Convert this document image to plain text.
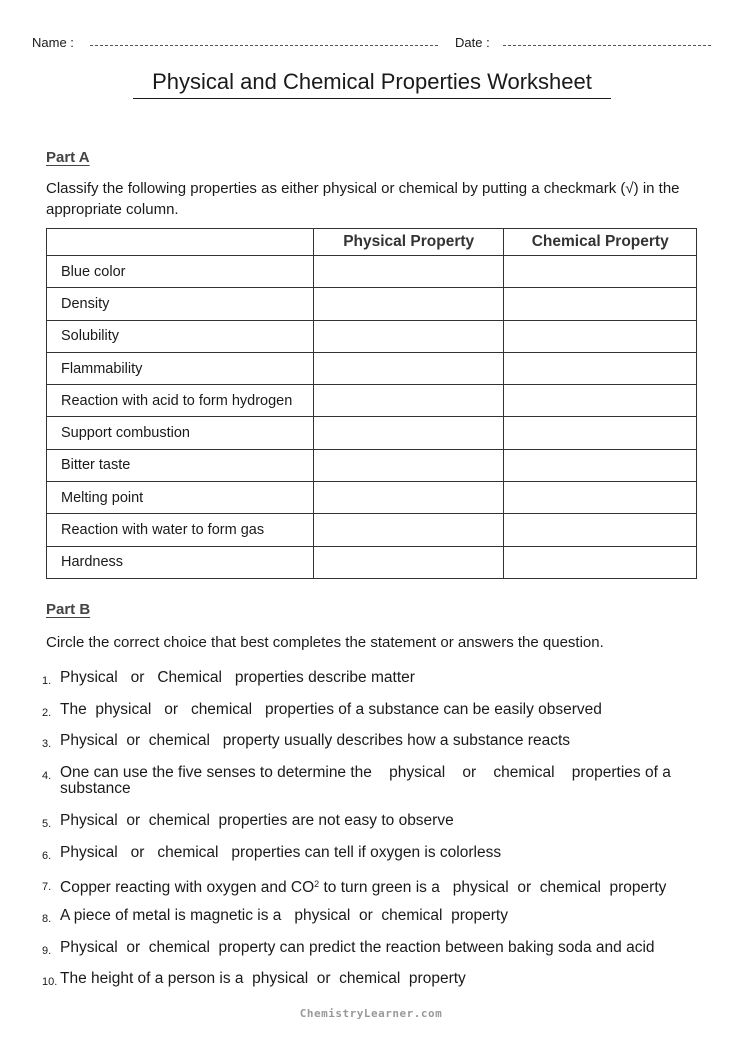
Name :	Date :
Physical and Chemical Properties Worksheet
Part A
Classify the following properties as either physical or chemical by putting a checkmark (√) in the appropriate column.
	Physical Property	Chemical Property
Blue color		
Density		
Solubility		
Flammability		
Reaction with acid to form hydrogen		
Support combustion		
Bitter taste		
Melting point		
Reaction with water to form gas		
Hardness		
Part B
Circle the correct choice that best completes the statement or answers the question.
1. Physical   or   Chemical   properties describe matter
2. The  physical   or   chemical   properties of a substance can be easily observed
3. Physical  or  chemical   property usually describes how a substance reacts
4. One can use the five senses to determine the    physical    or    chemical    properties of a substance
5. Physical  or  chemical  properties are not easy to observe
6. Physical   or   chemical   properties can tell if oxygen is colorless
7. Copper reacting with oxygen and $CO^2$ to turn green is a   physical  or  chemical  property
8. A piece of metal is magnetic is a   physical  or  chemical  property
9. Physical  or  chemical  property can predict the reaction between baking soda and acid
10. The height of a person is a  physical  or  chemical  property
ChemistryLearner.com
